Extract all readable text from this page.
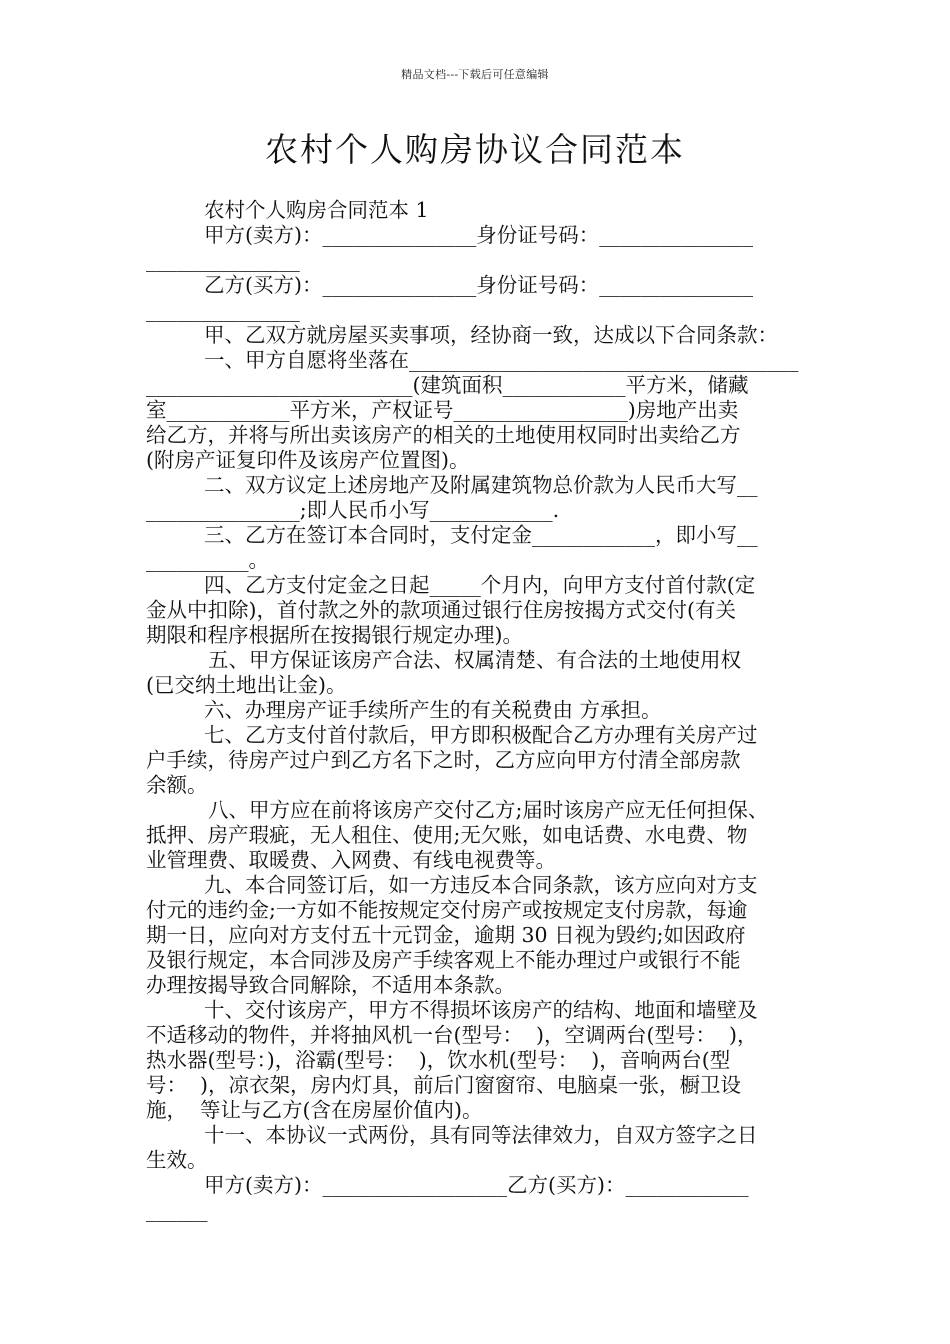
精品文档---下载后可任意编辑
农村个人购房协议合同范本
农村个人购房合同范本 1
甲方(卖方)：_______________身份证号码：_______________
_______________
乙方(买方)：_______________身份证号码：_______________
_______________
甲、乙双方就房屋买卖事项，经协商一致，达成以下合同条款：
一、甲方自愿将坐落在______________________________________
__________________________(建筑面积____________平方米，储藏
室____________平方米，产权证号_________________)房地产出卖
给乙方，并将与所出卖该房产的相关的土地使用权同时出卖给乙方
(附房产证复印件及该房产位置图)。
二、双方议定上述房地产及附属建筑物总价款为人民币大写__
_______________;即人民币小写____________.
三、乙方在签订本合同时，支付定金____________，即小写__
__________。
四、乙方支付定金之日起_____个月内，向甲方支付首付款(定
金从中扣除)，首付款之外的款项通过银行住房按揭方式交付(有关
期限和程序根据所在按揭银行规定办理)。
五、甲方保证该房产合法、权属清楚、有合法的土地使用权
(已交纳土地出让金)。
六、办理房产证手续所产生的有关税费由 方承担。
七、乙方支付首付款后，甲方即积极配合乙方办理有关房产过
户手续，待房产过户到乙方名下之时，乙方应向甲方付清全部房款
余额。
八、甲方应在前将该房产交付乙方;届时该房产应无任何担保、
抵押、房产瑕疵，无人租住、使用;无欠账，如电话费、水电费、物
业管理费、取暖费、入网费、有线电视费等。
九、本合同签订后，如一方违反本合同条款，该方应向对方支
付元的违约金;一方如不能按规定交付房产或按规定支付房款，每逾
期一日，应向对方支付五十元罚金，逾期 30 日视为毁约;如因政府
及银行规定，本合同涉及房产手续客观上不能办理过户或银行不能
办理按揭导致合同解除，不适用本条款。
十、交付该房产，甲方不得损坏该房产的结构、地面和墙壁及
不适移动的物件，并将抽风机一台(型号：  )，空调两台(型号：  )，
热水器(型号：)，浴霸(型号：  )，饮水机(型号：  )，音响两台(型
号：  )，凉衣架，房内灯具，前后门窗窗帘、电脑桌一张，橱卫设
施，  等让与乙方(含在房屋价值内)。
十一、本协议一式两份，具有同等法律效力，自双方签字之日
生效。
甲方(卖方)：__________________乙方(买方)：____________
______
